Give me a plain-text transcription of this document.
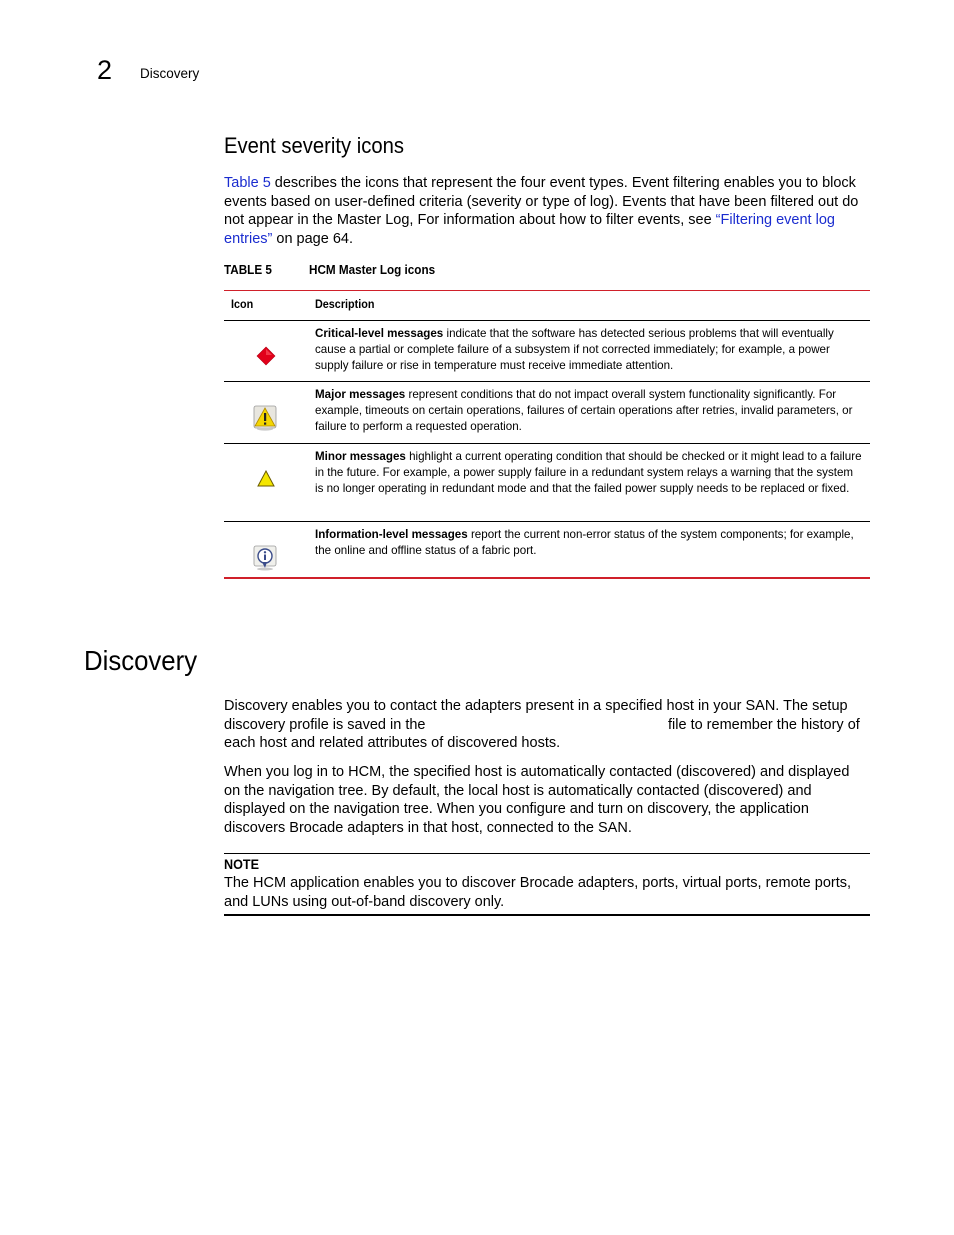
2 Discovery
Event severity icons
Table 5 describes the icons that represent the four event types. Event filtering enables you to block
events based on user-defined criteria (severity or type of log). Events that have been filtered out do
not appear in the Master Log, For information about how to filter events, see “Filtering event log
entries” on page 64.
TABLE 5	HCM Master Log icons
Icon	Description
Critical-level messages indicate that the software has detected serious problems that will eventually cause a partial or complete failure of a subsystem if not corrected immediately; for example, a power supply failure or rise in temperature must receive immediate attention.
Major messages represent conditions that do not impact overall system functionality significantly. For example, timeouts on certain operations, failures of certain operations after retries, invalid parameters, or failure to perform a requested operation.
Minor messages highlight a current operating condition that should be checked or it might lead to a failure in the future. For example, a power supply failure in a redundant system relays a warning that the system is no longer operating in redundant mode and that the failed power supply needs to be replaced or fixed.
Information-level messages report the current non-error status of the system components; for example, the online and offline status of a fabric port.
Discovery
Discovery enables you to contact the adapters present in a specified host in your SAN. The setup
discovery profile is saved in the	file to remember the history of
each host and related attributes of discovered hosts.
When you log in to HCM, the specified host is automatically contacted (discovered) and displayed
on the navigation tree. By default, the local host is automatically contacted (discovered) and
displayed on the navigation tree. When you configure and turn on discovery, the application
discovers Brocade adapters in that host, connected to the SAN.
NOTE
The HCM application enables you to discover Brocade adapters, ports, virtual ports, remote ports,
and LUNs using out-of-band discovery only.
